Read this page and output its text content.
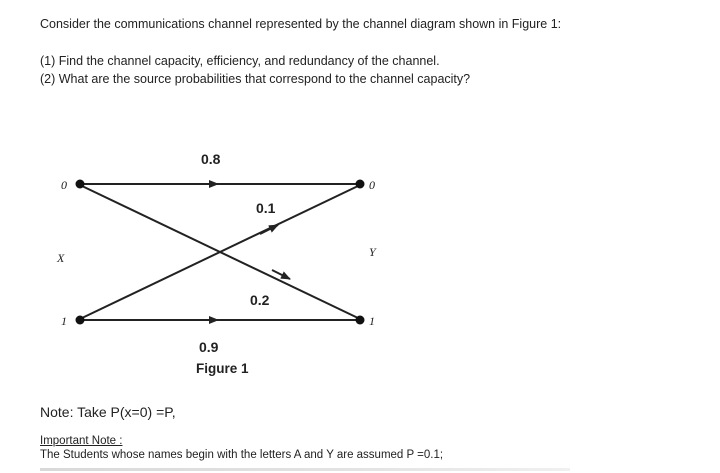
Consider the communications channel represented by the channel diagram shown in Figure 1:
(1) Find the channel capacity, efficiency, and redundancy of the channel.
(2) What are the source probabilities that correspond to the channel capacity?
0
1
0
1
X	Y
0.8
0.1
0.2
0.9
Figure 1
Note: Take P(x=0) =P,
Important Note :
The Students whose names begin with the letters A and Y are assumed P =0.1;
